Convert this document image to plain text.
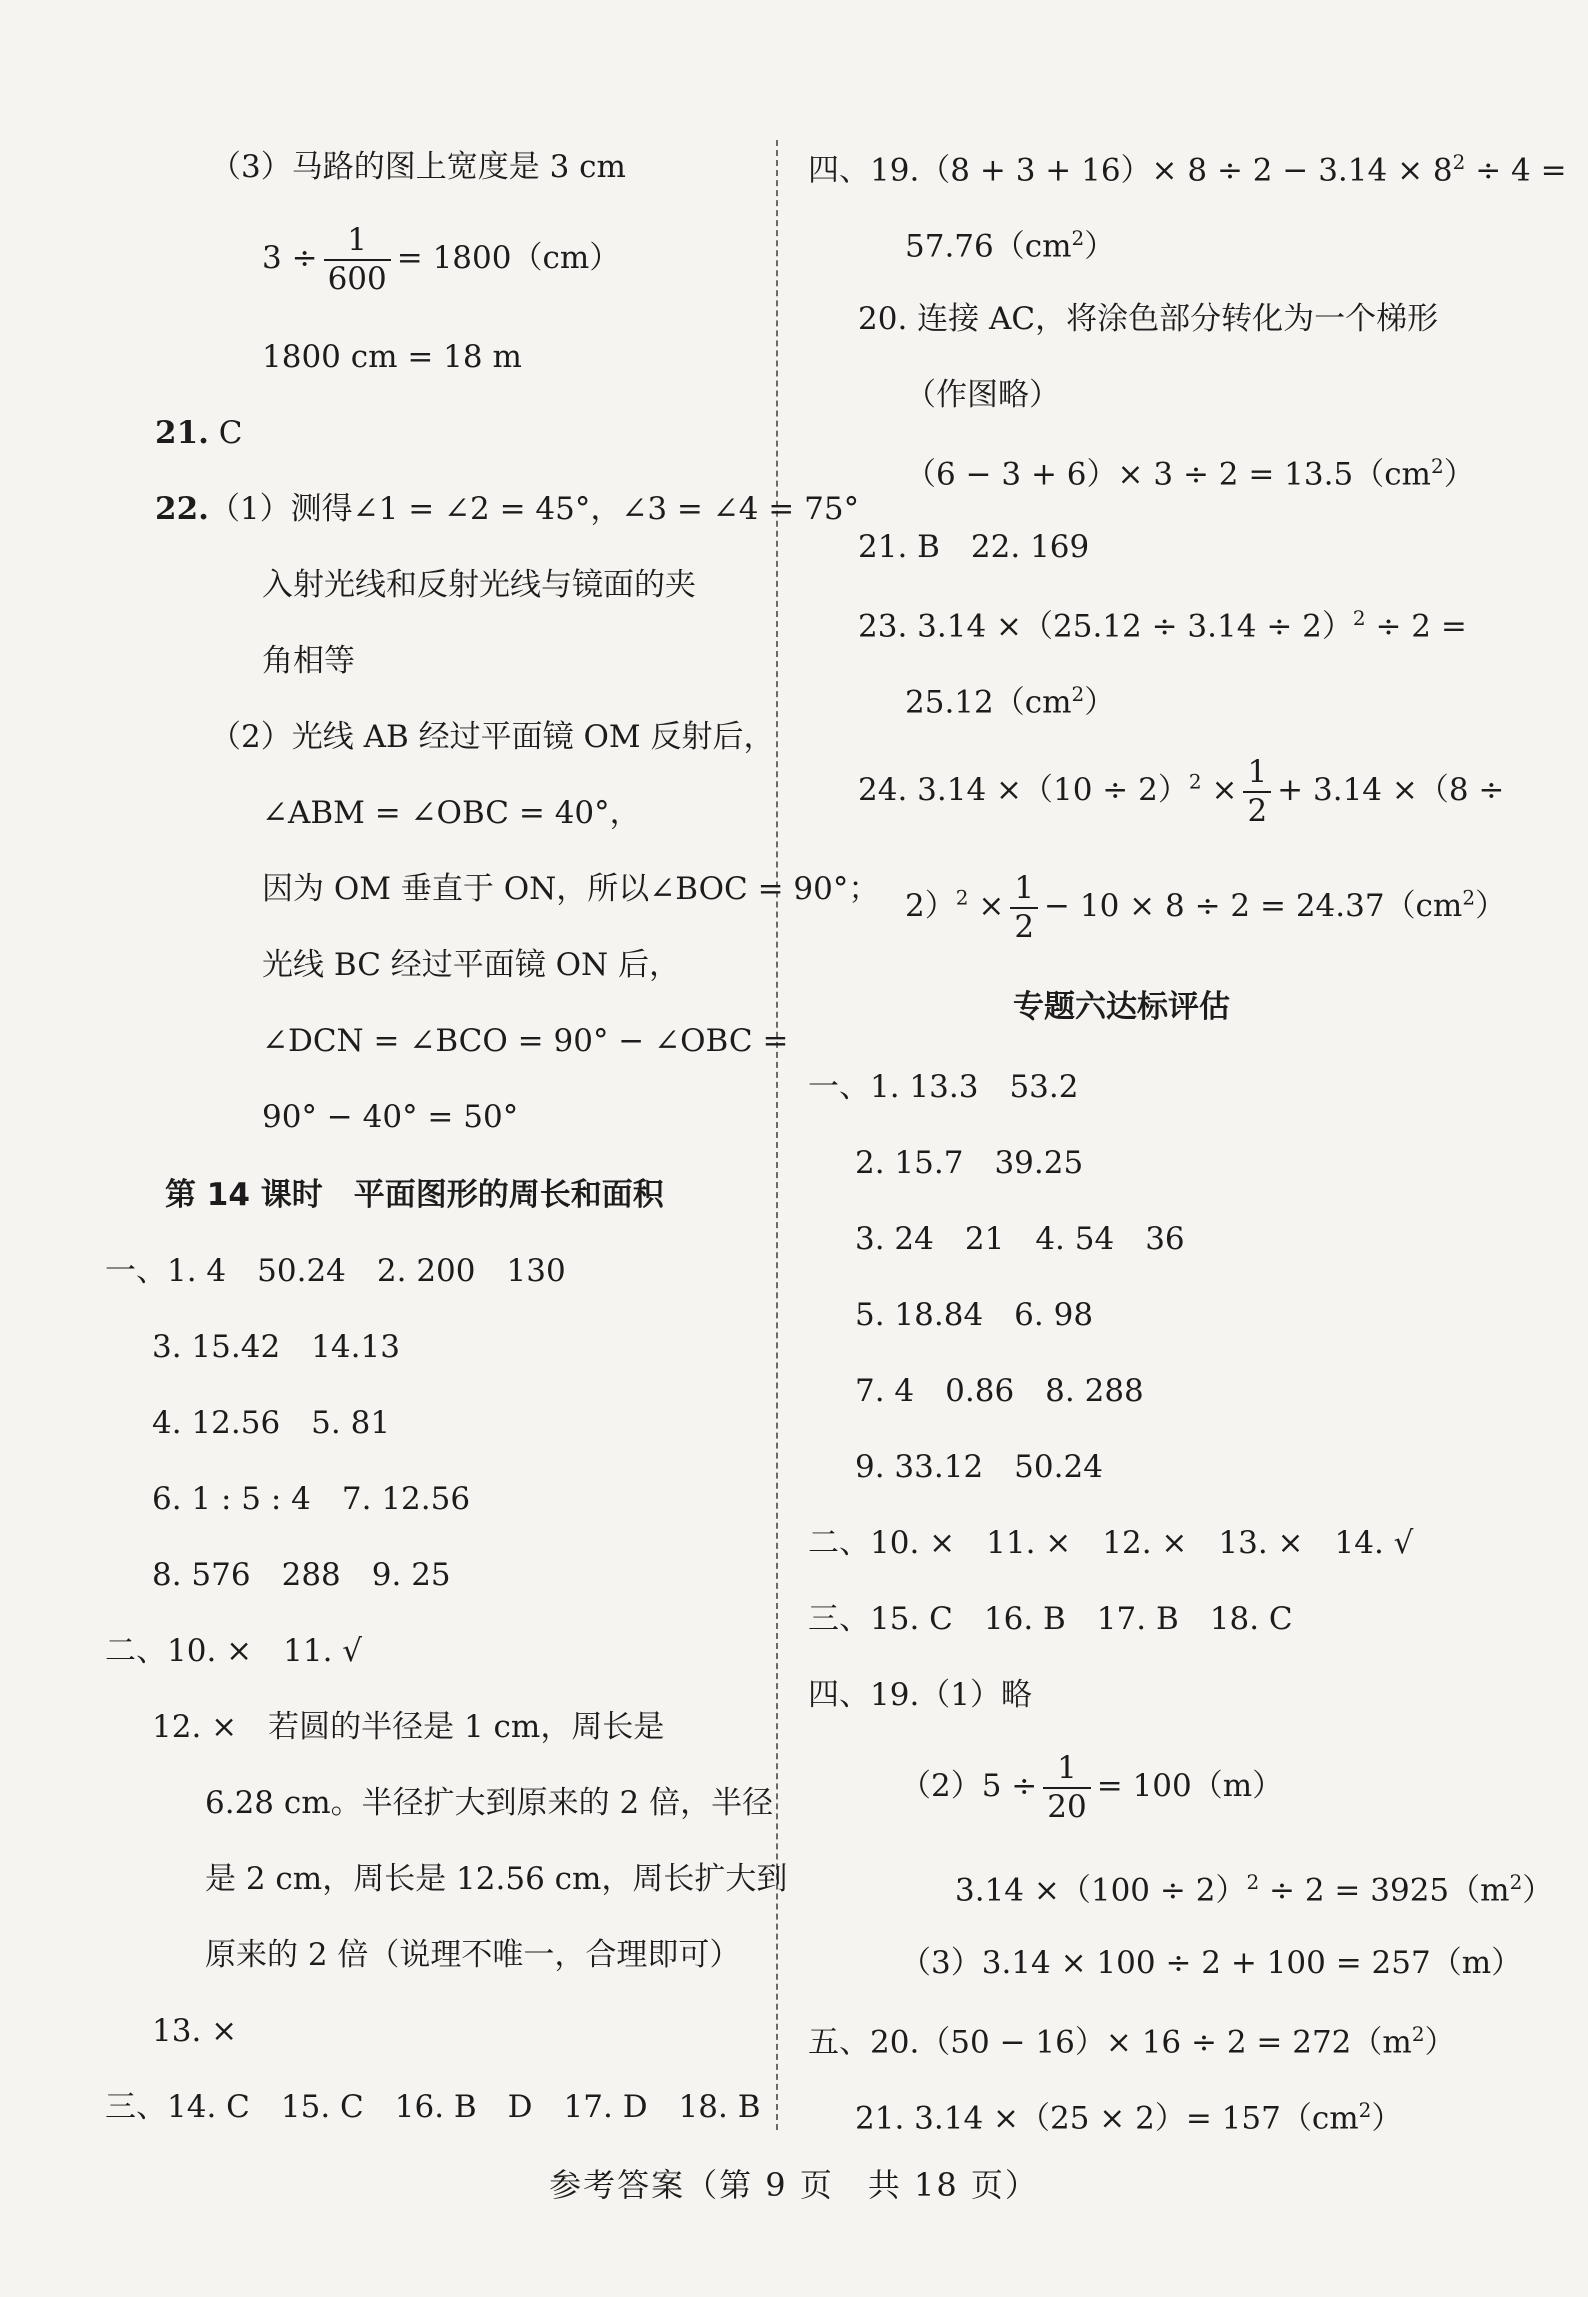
（3）马路的图上宽度是 3 cm
$3 \div \frac{1}{600} = 1800(cm)$
1800 cm = 18 m
21. C
22.（1）测得∠1 = ∠2 = 45°，∠3 = ∠4 = 75°
入射光线和反射光线与镜面的夹
角相等
（2）光线 AB 经过平面镜 OM 反射后，
∠ABM = ∠OBC = 40°，
因为 OM 垂直于 ON，所以∠BOC = 90°；
光线 BC 经过平面镜 ON 后，
∠DCN = ∠BCO = 90° − ∠OBC =
90° − 40° = 50°
第 14 课时　平面图形的周长和面积
一、1. 4　50.24　2. 200　130
3. 15.42　14.13
4. 12.56　5. 81
6. 1 : 5 : 4　7. 12.56
8. 576　288　9. 25
二、10. ×　11. √
12. ×　若圆的半径是 1 cm，周长是
6.28 cm。半径扩大到原来的 2 倍，半径
是 2 cm，周长是 12.56 cm，周长扩大到
原来的 2 倍（说理不唯一，合理即可）
13. ×
三、14. C　15. C　16. B　D　17. D　18. B
四、$19.(8 + 3 + 16)\times 8 \div 2 - 3.14 \times 8^2 \div 4$ =
$57.76(cm^2)$
20. 连接 AC，将涂色部分转化为一个梯形
（作图略）
$(6 - 3 + 6)\times 3 \div 2 = 13.5(cm^2)$
21. B　22. 169
23. $3.14 \times(25.12 \div 3.14 \div 2)^2 \div 2$ =
$25.12(cm^2)$
24. $3.14 \times(10 \div 2)^2 \times \frac{1}{2} + 3.14 \times(8$ ÷
$2)^2 \times \frac{1}{2} - 10 \times 8 \div 2 = 24.37(cm^2)$
专题六达标评估
一、1. 13.3　53.2
2. 15.7　39.25
3. 24　21　4. 54　36
5. 18.84　6. 98
7. 4　0.86　8. 288
9. 33.12　50.24
二、10. ×　11. ×　12. ×　13. ×　14. √
三、15. C　16. B　17. B　18. C
四、19.（1）略
$(2)5 \div \frac{1}{20} = 100(m)$
$3.14 \times(100 \div 2)^2 \div 2 = 3925(m^2)$
（3）3.14 × 100 ÷ 2 + 100 = 257（m）
五、$20.(50 - 16)\times 16 \div 2 = 272(m^2)$
21. $3.14 \times(25 \times 2)= 157(cm^2)$
参考答案（第 9 页　共 18 页）
